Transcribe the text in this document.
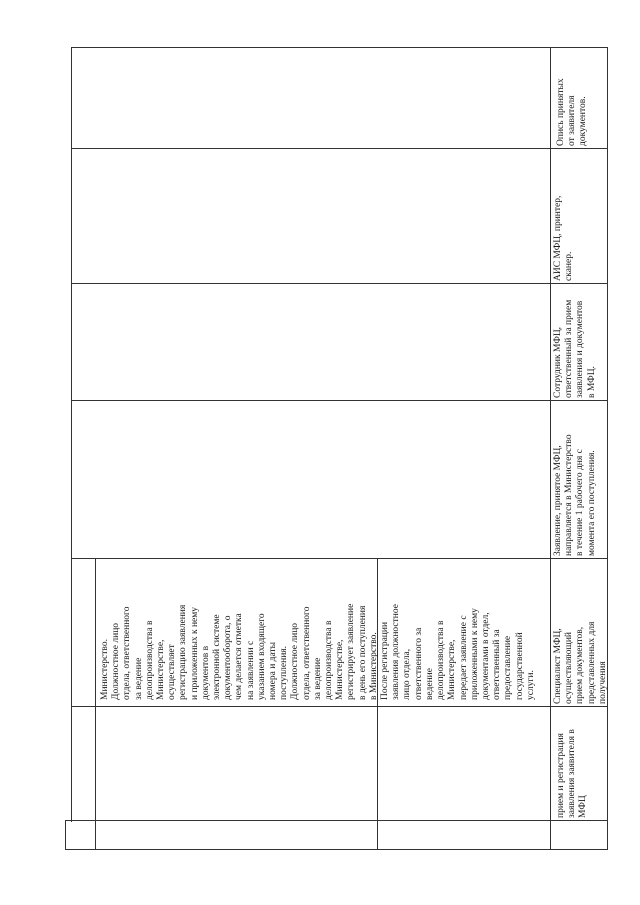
Министерство. Должностное лицо отдела, ответственного за ведение делопроизводства в Министерстве, осуществляет регистрацию заявления и приложенных к нему документов в электронной системе документооборота, о чем делается отметка на заявлении с указанием входящего номера и даты поступления. Должностное лицо отдела, ответственного за ведение делопроизводства в Министерстве, регистрирует заявление в день его поступления в Министерство. После регистрации заявления должностное лицо отдела, ответственного за ведение делопроизводства в Министерстве, передает заявление с приложенными к нему документами в отдел, ответственный за предоставление государственной услуги.
прием и регистрация заявления заявителя в МФЦ
Специалист МФЦ, осуществляющий прием документов, представленных для получения
Заявление, принятое МФЦ, направляется в Министерство в течение 1 рабочего дня с момента его поступления.
Сотрудник МФЦ, ответственный за прием заявления и документов в МФЦ.
АИС МФЦ, принтер, сканер.
Опись принятых от заявителя документов.
